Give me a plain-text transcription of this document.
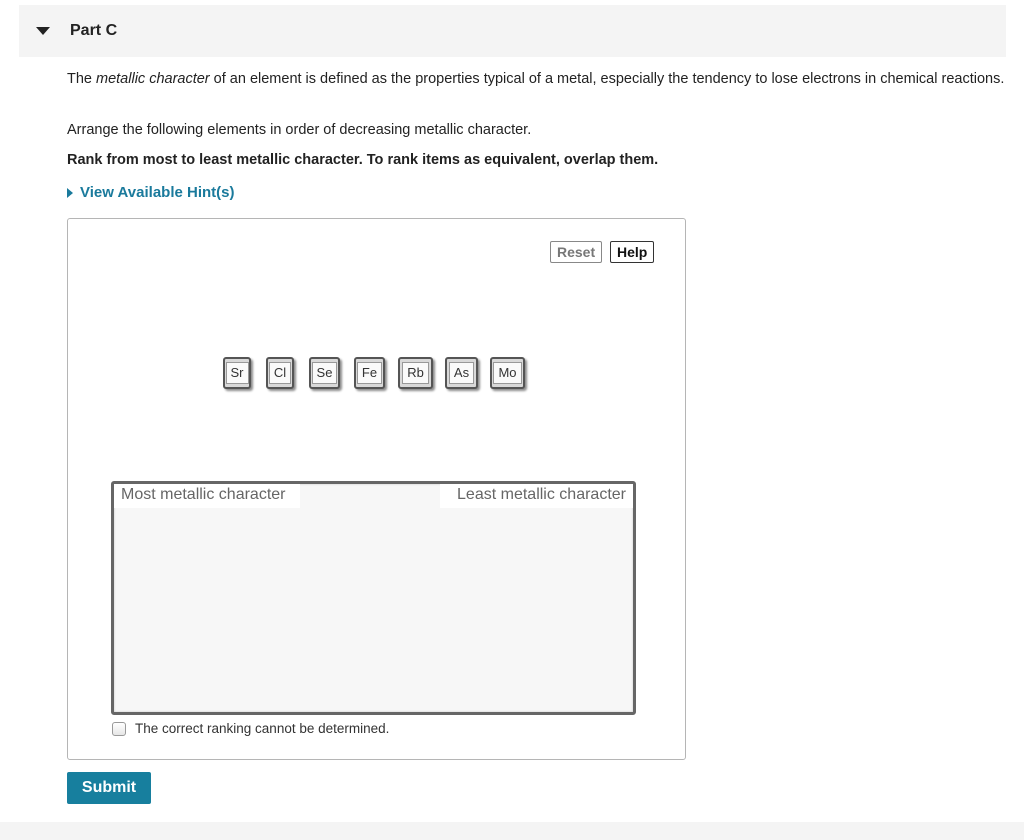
Part C

The metallic character of an element is defined as the properties typical of a metal, especially the tendency to lose electrons in chemical reactions.

Arrange the following elements in order of decreasing metallic character.

Rank from most to least metallic character. To rank items as equivalent, overlap them.

View Available Hint(s)
Reset	Help
Sr	Cl	Se	Fe	Rb	As	Mo
Most metallic character	Least metallic character
The correct ranking cannot be determined.
Submit
